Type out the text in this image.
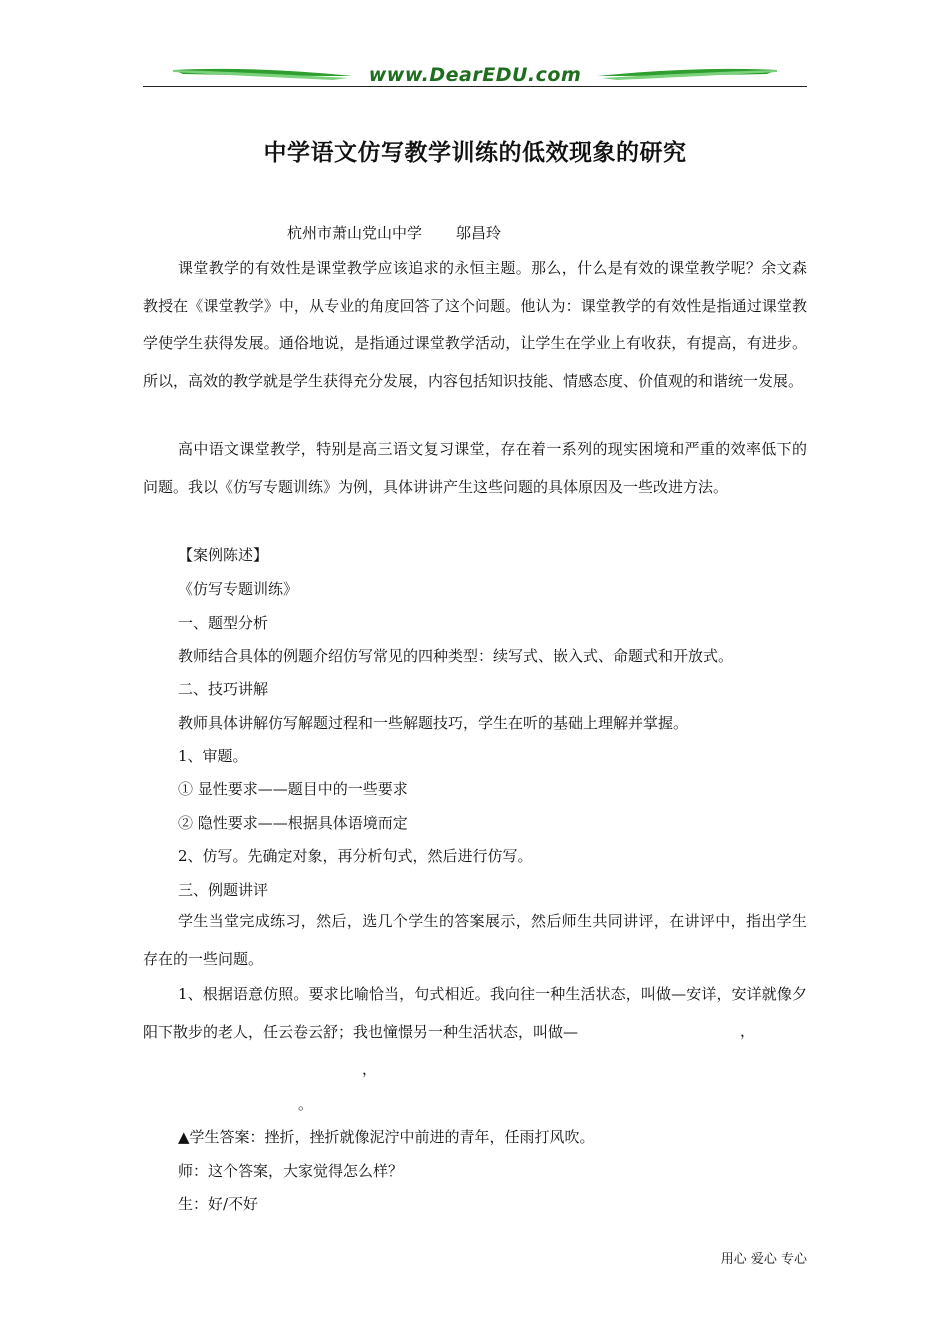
www.DearEDU.com
中学语文仿写教学训练的低效现象的研究
杭州市萧山党山中学 邬昌玲
课堂教学的有效性是课堂教学应该追求的永恒主题。那么，什么是有效的课堂教学呢？余文森教授在《课堂教学》中，从专业的角度回答了这个问题。他认为：课堂教学的有效性是指通过课堂教学使学生获得发展。通俗地说，是指通过课堂教学活动，让学生在学业上有收获，有提高，有进步。所以，高效的教学就是学生获得充分发展，内容包括知识技能、情感态度、价值观的和谐统一发展。
高中语文课堂教学，特别是高三语文复习课堂，存在着一系列的现实困境和严重的效率低下的问题。我以《仿写专题训练》为例，具体讲讲产生这些问题的具体原因及一些改进方法。
【案例陈述】
《仿写专题训练》
一、题型分析
教师结合具体的例题介绍仿写常见的四种类型：续写式、嵌入式、命题式和开放式。
二、技巧讲解
教师具体讲解仿写解题过程和一些解题技巧，学生在听的基础上理解并掌握。
1、审题。
① 显性要求——题目中的一些要求
② 隐性要求——根据具体语境而定
2、仿写。先确定对象，再分析句式，然后进行仿写。
三、例题讲评
学生当堂完成练习，然后，选几个学生的答案展示，然后师生共同讲评，在讲评中，指出学生存在的一些问题。
1、根据语意仿照。要求比喻恰当，句式相近。我向往一种生活状态，叫做—安详，安详就像夕阳下散步的老人，任云卷云舒；我也憧憬另一种生活状态，叫做—	，
，
。
▲学生答案：挫折，挫折就像泥泞中前进的青年，任雨打风吹。
师：这个答案，大家觉得怎么样？
生：好/不好
用心 爱心 专心
